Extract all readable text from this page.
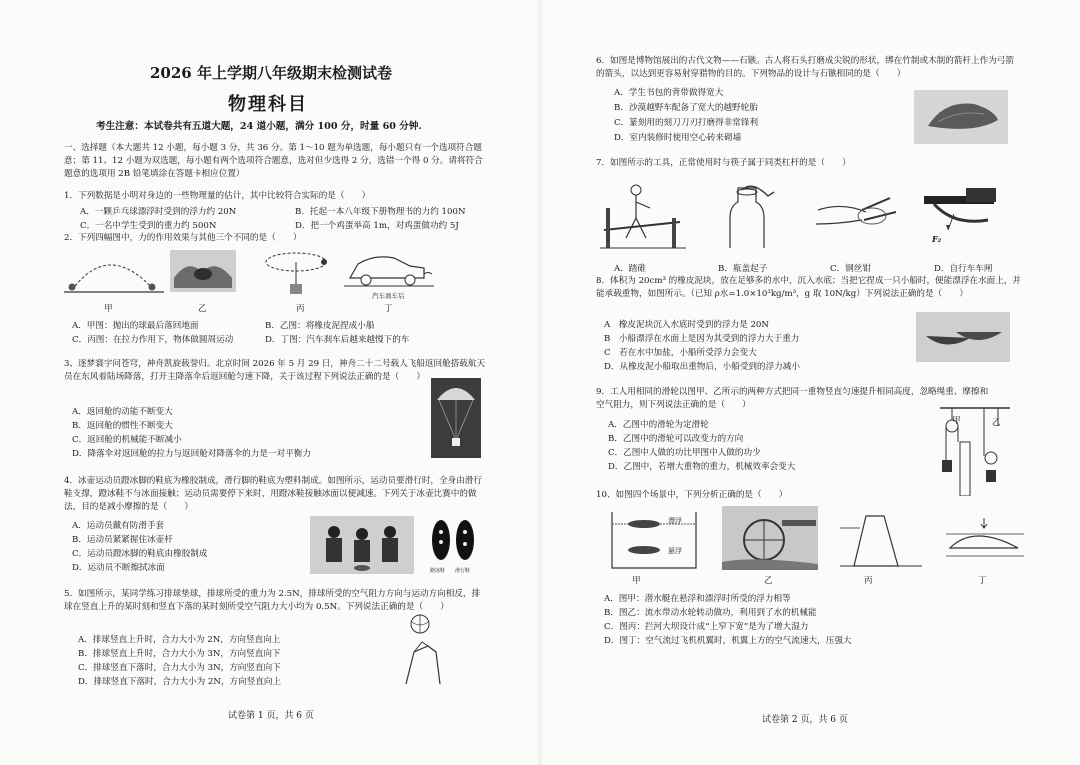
2026 年上学期八年级期末检测试卷
物理科目
考生注意：本试卷共有五道大题，24 道小题，满分 100 分，时量 60 分钟.
一、选择题（本大题共 12 小题，每小题 3 分，共 36 分。第 1～10 题为单选题，每小题只有一个选项符合题意；第 11、12 小题为双选题，每小题有两个选项符合题意，选对但少选得 2 分，选错一个得 0 分。请将符合题意的选项用 2B 铅笔填涂在答题卡相应位置）
1．下列数据是小明对身边的一些物理量的估计，其中比较符合实际的是（　　）
A．一颗乒乓球漂浮时受到的浮力约 20N	B．托起一本八年级下册物理书的力约 100N
C．一名中学生受到的重力约 500N	D．把一个鸡蛋举高 1m，对鸡蛋做功约 5J
2．下列四幅图中，力的作用效果与其他三个不同的是（　　）
汽车刹车后
甲	乙	丙	丁
A．甲图：抛出的球最后落回地面	B．乙图：将橡皮泥捏成小船
C．丙图：在拉力作用下，物体做圆周运动	D．丁图：汽车刹车后越来越慢下的车
3、逐梦寰宇问苍穹，神舟凯旋载誉归。北京时间 2026 年 5 月 29 日，神舟二十二号载人飞船返回舱搭载航天员在东风着陆场降落，打开主降落伞后返回舱匀速下降，关于该过程下列说法正确的是（　　）
A．返回舱的动能不断变大
B．返回舱的惯性不断变大
C．返回舱的机械能不断减小
D．降落伞对返回舱的拉力与返回舱对降落伞的力是一对平衡力
4．冰壶运动员蹬冰脚的鞋底为橡胶制成，滑行脚的鞋底为塑料制成。如图所示，运动员要滑行时，全身由滑行鞋支撑，蹬冰鞋不与冰面接触；运动员需要停下来时，用蹬冰鞋接触冰面以便减速。下列关于冰壶比赛中的做法，目的是减小摩擦的是（　　）
A．运动员戴有防滑手套
B．运动员紧紧握住冰壶杆
C．运动员蹬冰脚的鞋底由橡胶制成
D．运动员不断擦拭冰面	蹬冰鞋 滑行鞋
5．如图所示，某同学练习排球垫球，排球所受的重力为 2.5N，排球所受的空气阻力方向与运动方向相反，排球在竖直上升的某时刻和竖直下落的某时刻所受空气阻力大小均为 0.5N。下列说法正确的是（　　）
A．排球竖直上升时，合力大小为 2N，方向竖直向上
B．排球竖直上升时，合力大小为 3N，方向竖直向下
C．排球竖直下落时，合力大小为 3N，方向竖直向下
D．排球竖直下落时，合力大小为 2N，方向竖直向上
试卷第 1 页，共 6 页
6．如图是博物馆展出的古代文物——石镞。古人将石头打磨成尖锐的形状，绑在竹制或木制的箭杆上作为弓箭的箭头，以达到更容易射穿猎物的目的。下列物品的设计与石镞相同的是（　　）
A．学生书包的背带做得宽大
B．沙漠越野车配备了宽大的越野轮胎
C．篆刻用的刻刀刀刃打磨得非常锋利
D．室内装修时使用空心砖来砌墙
7．如图所示的工具，正常使用时与筷子属于同类杠杆的是（　　）
F₂
A．踏碓	B．瓶盖起子	C．钢丝钳	D．自行车车闸
8．体积为 20cm³ 的橡皮泥块，放在足够多的水中，沉入水底；当把它捏成一只小船时，便能漂浮在水面上，并能承载重物，如图所示。（已知 ρ水=1.0×10³kg/m³，g 取 10N/kg）下列说法正确的是（　　）
A　橡皮泥块沉入水底时受到的浮力是 20N
B　小船漂浮在水面上是因为其受到的浮力大于重力
C　若在水中加盐，小船所受浮力会变大
D．从橡皮泥小船取出重物后，小船受到的浮力减小
9．工人用相同的滑轮以图甲、乙所示的两种方式把同一重物竖直匀速提升相同高度，忽略绳重、摩擦和空气阻力，则下列说法正确的是（　　）
A．乙图中的滑轮为定滑轮
B．乙图中的滑轮可以改变力的方向
C．乙图中人做的功比甲图中人做的功少
D．乙图中，若增大重物的重力，机械效率会变大
甲	乙
10、如图四个场景中，下列分析正确的是（　　）
漂浮
悬浮
甲	乙	丙	丁
A．图甲：潜水艇在悬浮和漂浮时所受的浮力相等
B．图乙：流水带动水轮转动做功，利用到了水的机械能
C．图丙：拦河大坝设计成“上窄下宽”是为了增大湿力
D．图丁：空气流过飞机机翼时，机翼上方的空气流速大，压强大
试卷第 2 页，共 6 页
